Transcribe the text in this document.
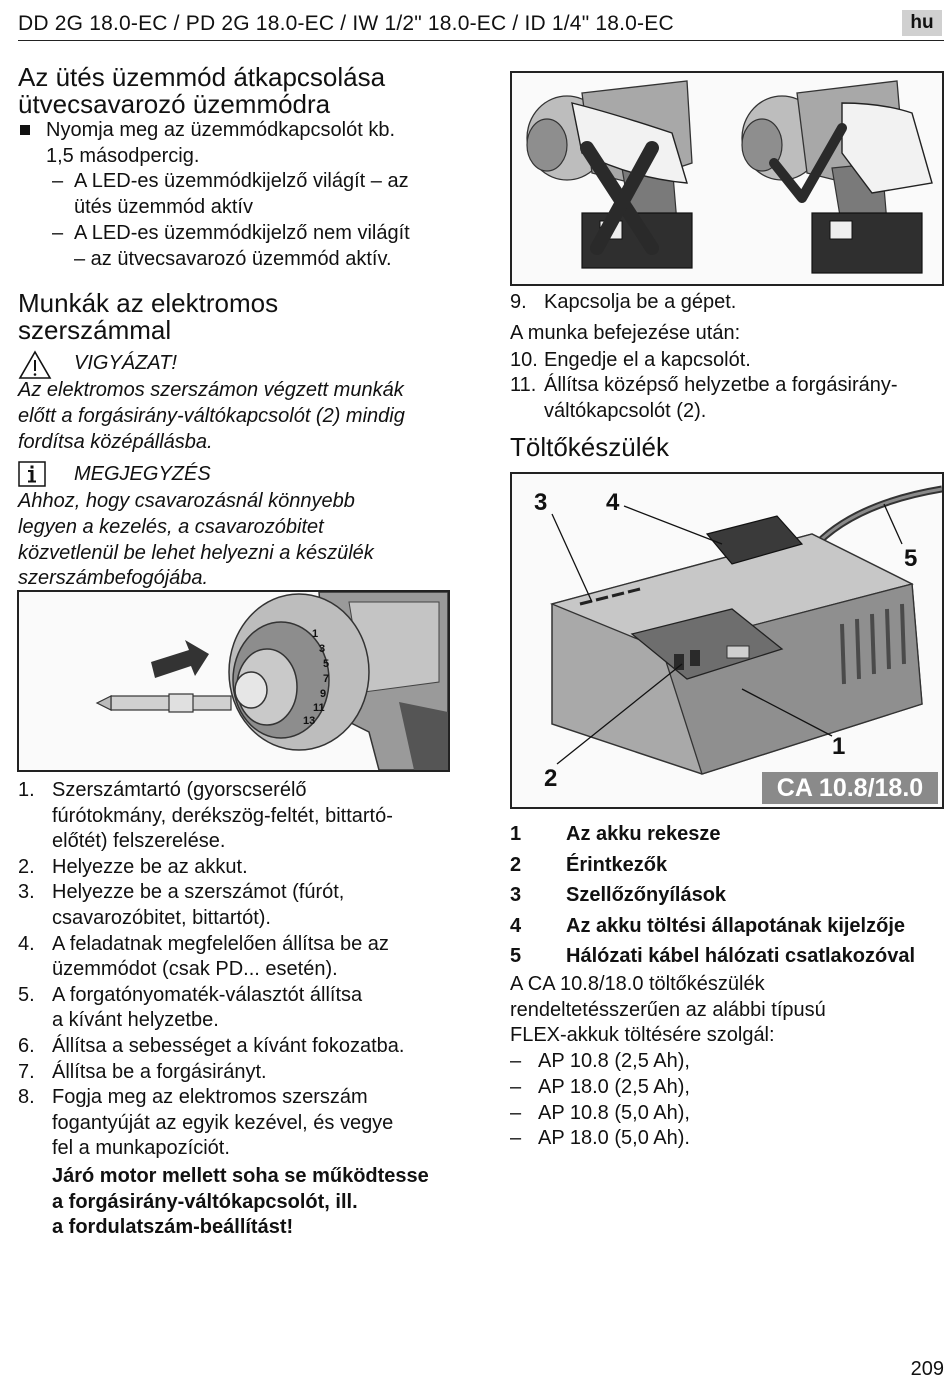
DD 2G 18.0-EC / PD 2G 18.0-EC / IW 1/2" 18.0-EC / ID 1/4" 18.0-EC	hu
Az ütés üzemmód átkapcsolása
ütvecsavarozó üzemmódra
Nyomja meg az üzemmódkapcsolót kb.
1,5 másodpercig.
– A LED-es üzemmódkijelző világít – az
ütés üzemmód aktív
– A LED-es üzemmódkijelző nem világít
– az ütvecsavarozó üzemmód aktív.
Munkák az elektromos
szerszámmal
VIGYÁZAT!
Az elektromos szerszámon végzett munkák
előtt a forgásirány-váltókapcsolót (2) mindig
fordítsa középállásba.
MEGJEGYZÉS
Ahhoz, hogy csavarozásnál könnyebb
legyen a kezelés, a csavarozóbitet
közvetlenül be lehet helyezni a készülék
szerszámbefogójába.
1
3
5
7
9
11
13
1. Szerszámtartó (gyorscserélő
fúrótokmány, derékszög-feltét, bittartó-
előtét) felszerelése.
2. Helyezze be az akkut.
3. Helyezze be a szerszámot (fúrót,
csavarozóbitet, bittartót).
4. A feladatnak megfelelően állítsa be az
üzemmódot (csak PD... esetén).
5. A forgatónyomaték-választót állítsa
a kívánt helyzetbe.
6. Állítsa a sebességet a kívánt fokozatba.
7. Állítsa be a forgásirányt.
8. Fogja meg az elektromos szerszám
fogantyúját az egyik kezével, és vegye
fel a munkapozíciót.
Járó motor mellett soha se működtesse
a forgásirány-váltókapcsolót, ill.
a fordulatszám-beállítást!
9. Kapcsolja be a gépet.
A munka befejezése után:
10. Engedje el a kapcsolót.
11. Állítsa középső helyzetbe a forgásirány-
váltókapcsolót (2).
Töltőkészülék
1
2
3 4
5
CA 10.8/18.0
1 Az akku rekesze
2 Érintkezők
3 Szellőzőnyílások
4 Az akku töltési állapotának kijelzője
5 Hálózati kábel hálózati csatlakozóval
A CA 10.8/18.0 töltőkészülék
rendeltetésszerűen az alábbi típusú
FLEX-akkuk töltésére szolgál:
– AP 10.8 (2,5 Ah),
– AP 18.0 (2,5 Ah),
– AP 10.8 (5,0 Ah),
– AP 18.0 (5,0 Ah).
209
